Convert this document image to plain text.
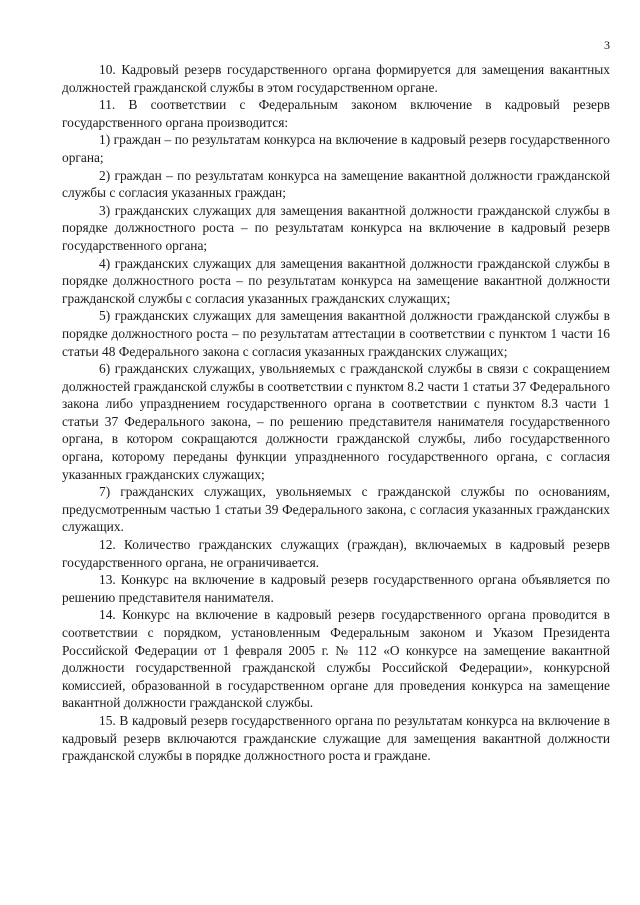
3

10. Кадровый резерв государственного органа формируется для замещения вакантных должностей гражданской службы в этом государственном органе.

11. В соответствии с Федеральным законом включение в кадровый резерв государственного органа производится:

1) граждан – по результатам конкурса на включение в кадровый резерв государственного органа;

2) граждан – по результатам конкурса на замещение вакантной должности гражданской службы с согласия указанных граждан;

3) гражданских служащих для замещения вакантной должности гражданской службы в порядке должностного роста – по результатам конкурса на включение в кадровый резерв государственного органа;

4) гражданских служащих для замещения вакантной должности гражданской службы в порядке должностного роста – по результатам конкурса на замещение вакантной должности гражданской службы с согласия указанных гражданских служащих;

5) гражданских служащих для замещения вакантной должности гражданской службы в порядке должностного роста – по результатам аттестации в соответствии с пунктом 1 части 16 статьи 48 Федерального закона с согласия указанных гражданских служащих;

6) гражданских служащих, увольняемых с гражданской службы в связи с сокращением должностей гражданской службы в соответствии с пунктом 8.2 части 1 статьи 37 Федерального закона либо упразднением государственного органа в соответствии с пунктом 8.3 части 1 статьи 37 Федерального закона, – по решению представителя нанимателя государственного органа, в котором сокращаются должности гражданской службы, либо государственного органа, которому переданы функции упраздненного государственного органа, с согласия указанных гражданских служащих;

7) гражданских служащих, увольняемых с гражданской службы по основаниям, предусмотренным частью 1 статьи 39 Федерального закона, с согласия указанных гражданских служащих.

12. Количество гражданских служащих (граждан), включаемых в кадровый резерв государственного органа, не ограничивается.

13. Конкурс на включение в кадровый резерв государственного органа объявляется по решению представителя нанимателя.

14. Конкурс на включение в кадровый резерв государственного органа проводится в соответствии с порядком, установленным Федеральным законом и Указом Президента Российской Федерации от 1 февраля 2005 г. № 112 «О конкурсе на замещение вакантной должности государственной гражданской службы Российской Федерации», конкурсной комиссией, образованной в государственном органе для проведения конкурса на замещение вакантной должности гражданской службы.

15. В кадровый резерв государственного органа по результатам конкурса на включение в кадровый резерв включаются гражданские служащие для замещения вакантной должности гражданской службы в порядке должностного роста и граждане.
